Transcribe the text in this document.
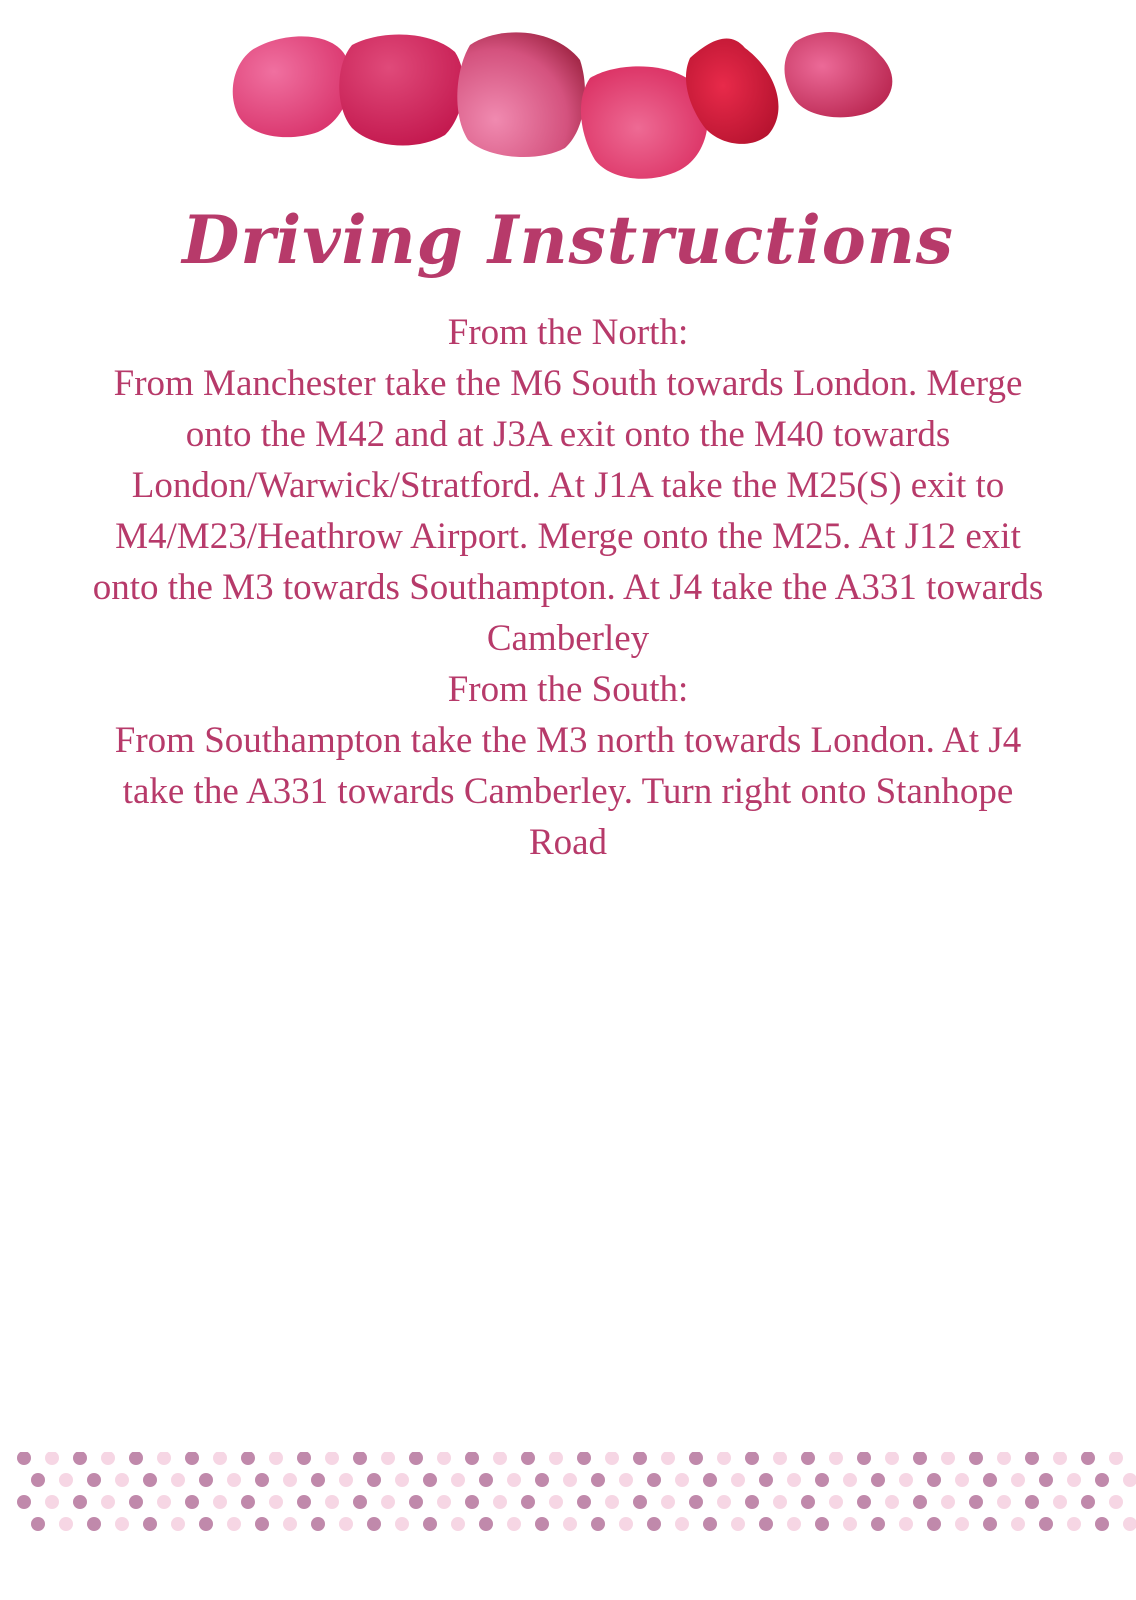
Driving Instructions

From the North:

From Manchester take the M6 South towards London. Merge onto the M42 and at J3A exit onto the M40 towards London/Warwick/Stratford. At J1A take the M25(S) exit to M4/M23/Heathrow Airport. Merge onto the M25. At J12 exit onto the M3 towards Southampton. At J4 take the A331 towards Camberley

From the South:

From Southampton take the M3 north towards London. At J4 take the A331 towards Camberley. Turn right onto Stanhope Road
